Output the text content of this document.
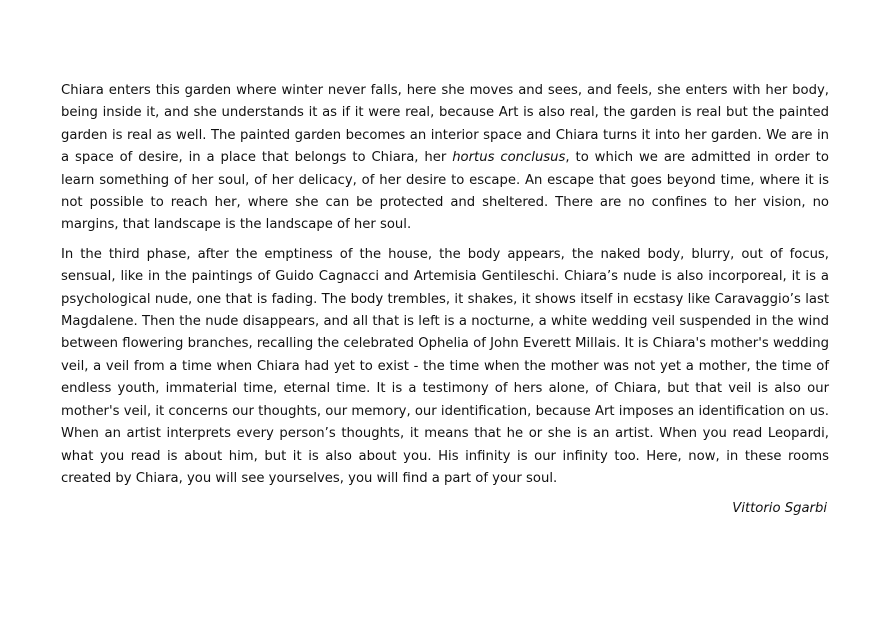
Chiara enters this garden where winter never falls, here she moves and sees, and feels, she enters with her body, being inside it, and she understands it as if it were real, because Art is also real, the garden is real but the painted garden is real as well. The painted garden becomes an interior space and Chiara turns it into her garden. We are in a space of desire, in a place that belongs to Chiara, her hortus conclusus, to which we are admitted in order to learn something of her soul, of her delicacy, of her desire to escape. An escape that goes beyond time, where it is not possible to reach her, where she can be protected and sheltered. There are no confines to her vision, no margins, that landscape is the landscape of her soul.

In the third phase, after the emptiness of the house, the body appears, the naked body, blurry, out of focus, sensual, like in the paintings of Guido Cagnacci and Artemisia Gentileschi. Chiara’s nude is also incorporeal, it is a psychological nude, one that is fading. The body trembles, it shakes, it shows itself in ecstasy like Caravaggio’s last Magdalene. Then the nude disappears, and all that is left is a nocturne, a white wedding veil suspended in the wind between flowering branches, recalling the celebrated Ophelia of John Everett Millais. It is Chiara's mother's wedding veil, a veil from a time when Chiara had yet to exist - the time when the mother was not yet a mother, the time of endless youth, immaterial time, eternal time. It is a testimony of hers alone, of Chiara, but that veil is also our mother's veil, it concerns our thoughts, our memory, our identification, because Art imposes an identification on us. When an artist interprets every person’s thoughts, it means that he or she is an artist. When you read Leopardi, what you read is about him, but it is also about you. His infinity is our infinity too. Here, now, in these rooms created by Chiara, you will see yourselves, you will find a part of your soul.

Vittorio Sgarbi
